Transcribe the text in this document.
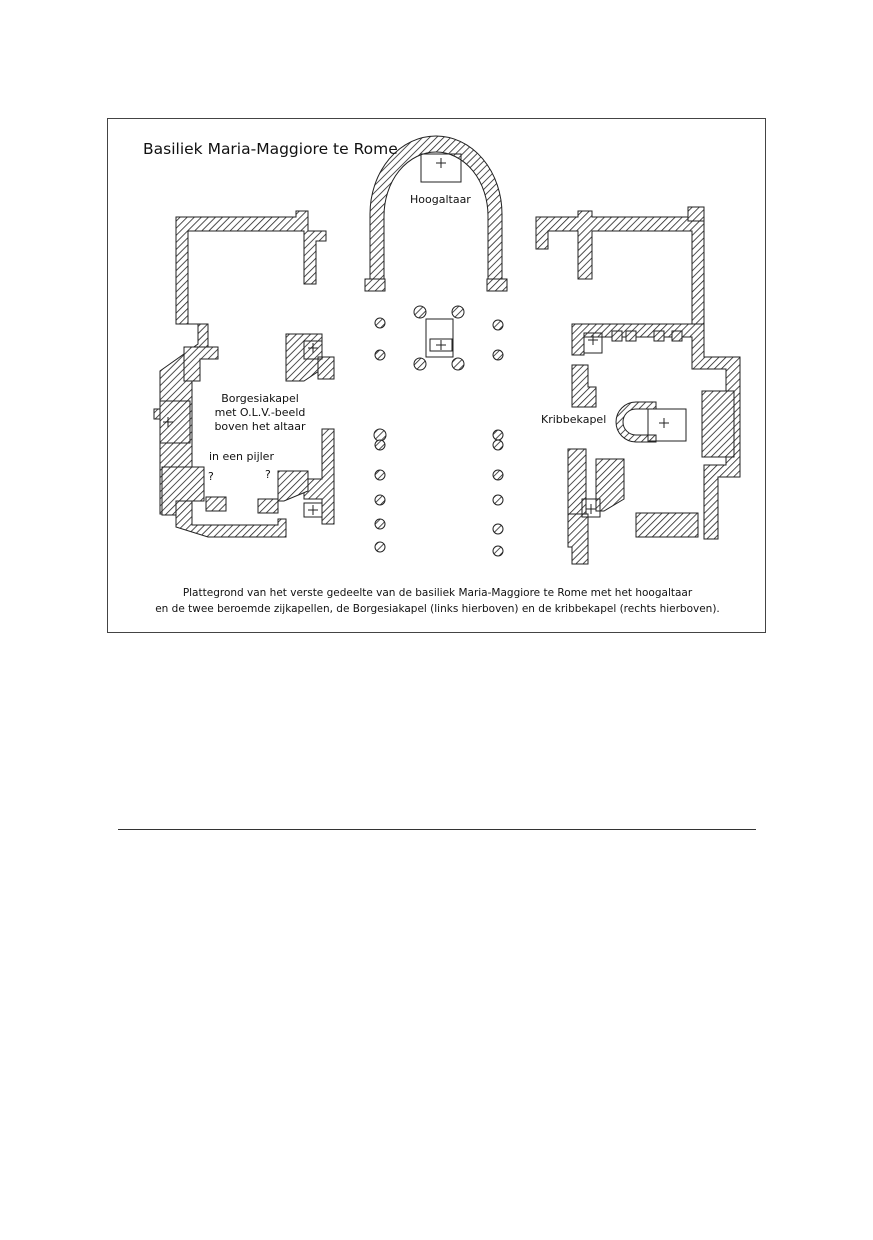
Basiliek Maria-Maggiore te Rome
Hoogaltaar
Borgesiakapel
met O.L.V.-beeld
boven het altaar
in een pijler
?	?
Kribbekapel
Plattegrond van het verste gedeelte van de basiliek Maria-Maggiore te Rome met het hoogaltaar
en de twee beroemde zijkapellen, de Borgesiakapel (links hierboven) en de kribbekapel (rechts hierboven).
